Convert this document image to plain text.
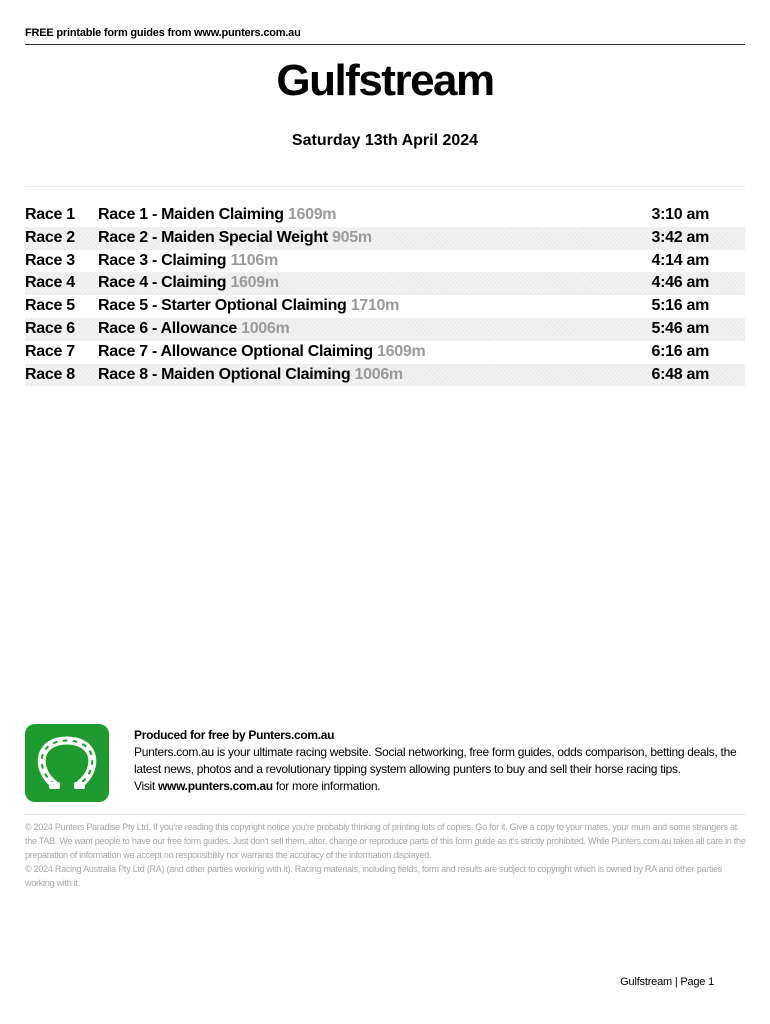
FREE printable form guides from www.punters.com.au
Gulfstream
Saturday 13th April 2024
Race 1 Race 1 - Maiden Claiming 1609m	3:10 am
Race 2 Race 2 - Maiden Special Weight 905m	3:42 am
Race 3 Race 3 - Claiming 1106m	4:14 am
Race 4 Race 4 - Claiming 1609m	4:46 am
Race 5 Race 5 - Starter Optional Claiming 1710m	5:16 am
Race 6 Race 6 - Allowance 1006m	5:46 am
Race 7 Race 7 - Allowance Optional Claiming 1609m	6:16 am
Race 8 Race 8 - Maiden Optional Claiming 1006m	6:48 am
Produced for free by Punters.com.au
Punters.com.au is your ultimate racing website. Social networking, free form guides, odds comparison, betting deals, the latest news, photos and a revolutionary tipping system allowing punters to buy and sell their horse racing tips.
Visit www.punters.com.au for more information.

© 2024 Punters Paradise Pty Ltd. If you're reading this copyright notice you're probably thinking of printing lots of copies. Go for it. Give a copy to your mates, your mum and some strangers at the TAB. We want people to have our free form guides. Just don't sell them, alter, change or reproduce parts of this form guide as it's strictly prohibited. While Punters.com.au takes all care in the preparation of information we accept no responsibility nor warrants the accuracy of the information displayed.

© 2024 Racing Australia Pty Ltd (RA) (and other parties working with it). Racing materials, including fields, form and results are subject to copyright which is owned by RA and other parties working with it.

Gulfstream | Page 1
